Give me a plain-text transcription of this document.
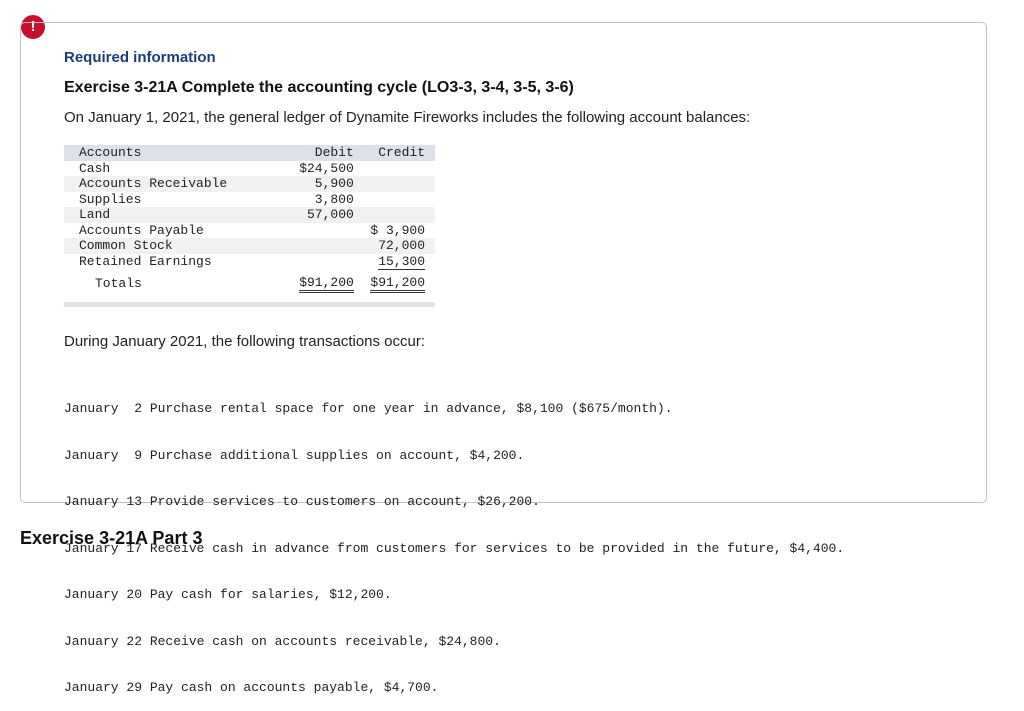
!
Required information
Exercise 3-21A Complete the accounting cycle (LO3-3, 3-4, 3-5, 3-6)
On January 1, 2021, the general ledger of Dynamite Fireworks includes the following account balances:
Accounts	Debit	Credit
Cash	$24,500	
Accounts Receivable	5,900	
Supplies	3,800	
Land	57,000	
Accounts Payable		$ 3,900
Common Stock		72,000
Retained Earnings		15,300

Totals	$91,200	$91,200
During January 2021, the following transactions occur:

January  2 Purchase rental space for one year in advance, $8,100 ($675/month).

January  9 Purchase additional supplies on account, $4,200.

January 13 Provide services to customers on account, $26,200.

January 17 Receive cash in advance from customers for services to be provided in the future, $4,400.

January 20 Pay cash for salaries, $12,200.

January 22 Receive cash on accounts receivable, $24,800.

January 29 Pay cash on accounts payable, $4,700.

Exercise 3-21A Part 3
